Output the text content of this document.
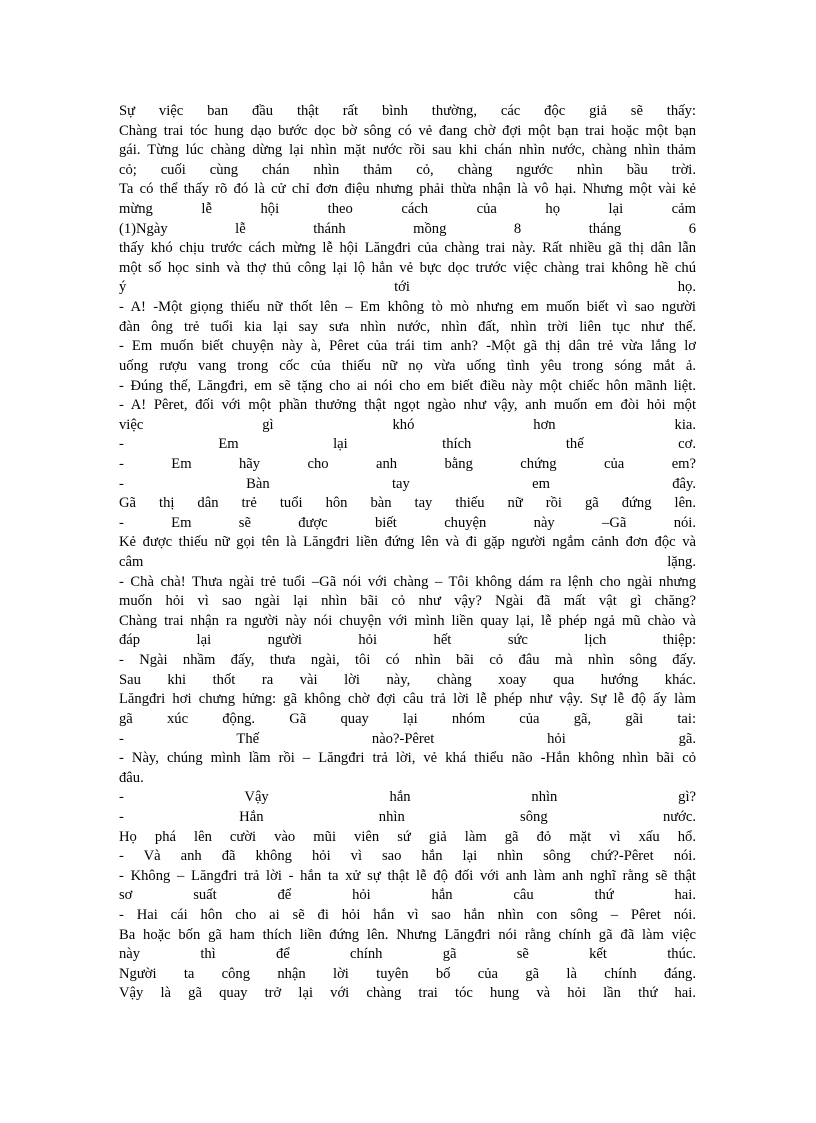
Sự việc ban đầu thật rất bình thường, các độc giả sẽ thấy:
Chàng trai tóc hung dạo bước dọc bờ sông có vẻ đang chờ đợi một bạn trai hoặc một bạn
gái. Từng lúc chàng dừng lại nhìn mặt nước rồi sau khi chán nhìn nước, chàng nhìn thảm
cỏ; cuối cùng chán nhìn thảm cỏ, chàng ngước nhìn bầu trời.
Ta có thể thấy rõ đó là cử chỉ đơn điệu nhưng phải thừa nhận là vô hại. Nhưng một vài kẻ
mừng lễ hội theo cách của họ lại cảm
(1)Ngày lễ thánh mồng 8 tháng 6
thấy khó chịu trước cách mừng lễ hội Lăngđri của chàng trai này. Rất nhiều gã thị dân lẫn
một số học sinh và thợ thủ công lại lộ hẳn vẻ bực dọc trước việc chàng trai không hề chú
ý tới họ.
- A! -Một giọng thiếu nữ thốt lên – Em không tò mò nhưng em muốn biết vì sao người
đàn ông trẻ tuổi kia lại say sưa nhìn nước, nhìn đất, nhìn trời liên tục như thế.
- Em muốn biết chuyện này à, Pêret của trái tim anh? -Một gã thị dân trẻ vừa lắng lơ
uống rượu vang trong cốc của thiếu nữ nọ vừa uống tình yêu trong sóng mắt ả.
- Đúng thế, Lăngđri, em sẽ tặng cho ai nói cho em biết điều này một chiếc hôn mãnh liệt.
- A! Pêret, đối với một phần thưởng thật ngọt ngào như vậy, anh muốn em đòi hỏi một
việc gì khó hơn kia.
- Em lại thích thế cơ.
- Em hãy cho anh bằng chứng của em?
- Bàn tay em đây.
Gã thị dân trẻ tuổi hôn bàn tay thiếu nữ rồi gã đứng lên.
- Em sẽ được biết chuyện này –Gã nói.
Kẻ được thiếu nữ gọi tên là Lăngđri liền đứng lên và đi gặp người ngắm cảnh đơn độc và
câm lặng.
- Chà chà! Thưa ngài trẻ tuổi –Gã nói với chàng – Tôi không dám ra lệnh cho ngài nhưng
muốn hỏi vì sao ngài lại nhìn bãi cỏ như vậy? Ngài đã mất vật gì chăng?
Chàng trai nhận ra người này nói chuyện với mình liền quay lại, lễ phép ngả mũ chào và
đáp lại người hỏi hết sức lịch thiệp:
- Ngài nhầm đấy, thưa ngài, tôi có nhìn bãi cỏ đâu mà nhìn sông đấy.
Sau khi thốt ra vài lời này, chàng xoay qua hướng khác.
Lăngđri hơi chưng hửng: gã không chờ đợi câu trả lời lễ phép như vậy. Sự lễ độ ấy làm
gã xúc động. Gã quay lại nhóm của gã, gãi tai:
- Thế nào?-Pêret hỏi gã.
- Này, chúng mình lầm rồi – Lăngđri trả lời, vẻ khá thiểu não -Hắn không nhìn bãi cỏ
đâu.
- Vậy hắn nhìn gì?
- Hắn nhìn sông nước.
Họ phá lên cười vào mũi viên sứ giả làm gã đỏ mặt vì xấu hổ.
- Và anh đã không hỏi vì sao hắn lại nhìn sông chứ?-Pêret nói.
- Không – Lăngđri trả lời - hắn ta xử sự thật lễ độ đối với anh làm anh nghĩ rằng sẽ thật
sơ suất để hỏi hắn câu thứ hai.
- Hai cái hôn cho ai sẽ đi hỏi hắn vì sao hắn nhìn con sông – Pêret nói.
Ba hoặc bốn gã ham thích liền đứng lên. Nhưng Lăngđri nói rằng chính gã đã làm việc
này thì để chính gã sẽ kết thúc.
Người ta công nhận lời tuyên bố của gã là chính đáng.
Vậy là gã quay trở lại với chàng trai tóc hung và hỏi lần thứ hai.
